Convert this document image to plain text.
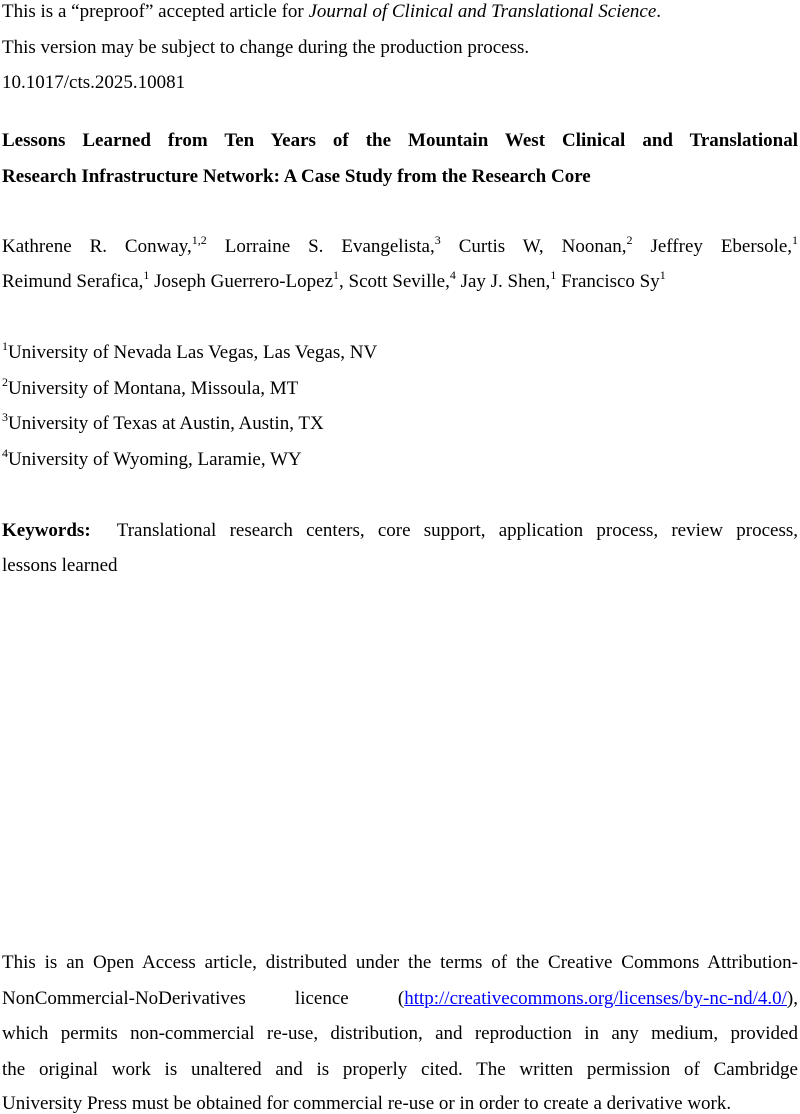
This is a “preproof” accepted article for Journal of Clinical and Translational Science.
This version may be subject to change during the production process.
10.1017/cts.2025.10081
Lessons Learned from Ten Years of the Mountain West Clinical and Translational
Research Infrastructure Network: A Case Study from the Research Core
Kathrene R. Conway,$^{1,2}$ Lorraine S. Evangelista,$^3$ Curtis W, Noonan,$^2$ Jeffrey Ebersole,$^1$
Reimund Serafica,$^1$ Joseph Guerrero-Lopez$^1$, Scott Seville,$^4$ Jay J. Shen,$^1$ Francisco Sy$^1$
$^1$University of Nevada Las Vegas, Las Vegas, NV
$^2$University of Montana, Missoula, MT
$^3$University of Texas at Austin, Austin, TX
$^4$University of Wyoming, Laramie, WY
Keywords: Translational research centers, core support, application process, review process,
lessons learned
This is an Open Access article, distributed under the terms of the Creative Commons Attribution-
NonCommercial-NoDerivatives licence (http://creativecommons.org/licenses/by-nc-nd/4.0/),
which permits non-commercial re-use, distribution, and reproduction in any medium, provided
the original work is unaltered and is properly cited. The written permission of Cambridge
University Press must be obtained for commercial re-use or in order to create a derivative work.
